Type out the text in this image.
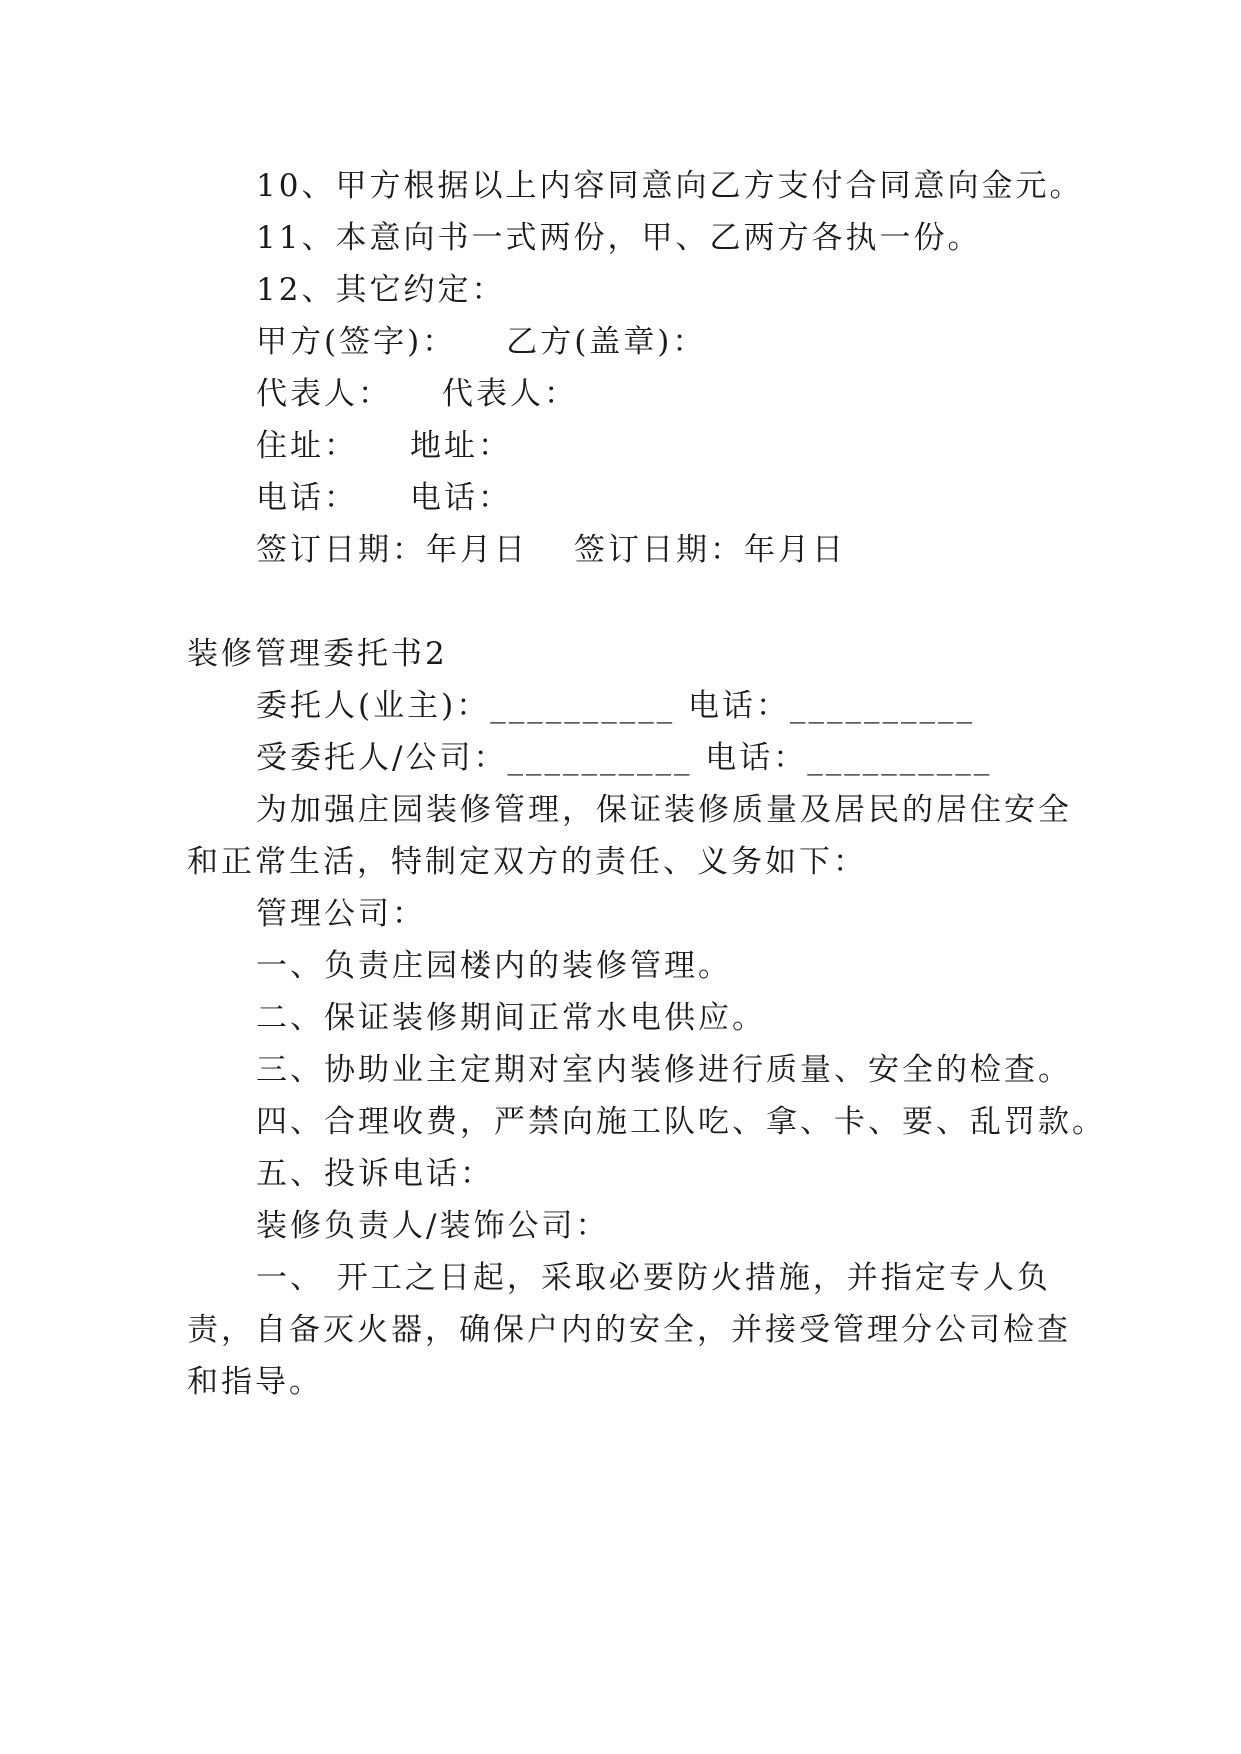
10、甲方根据以上内容同意向乙方支付合同意向金元。
11、本意向书一式两份，甲、乙两方各执一份。
12、其它约定：
甲方(签字)： 乙方(盖章)：
代表人： 代表人：
住址： 地址：
电话： 电话：
签订日期：年月日 签订日期：年月日
装修管理委托书2
委托人(业主)：__________ 电话：__________
受委托人/公司：__________ 电话：__________
为加强庄园装修管理，保证装修质量及居民的居住安全
和正常生活，特制定双方的责任、义务如下：
管理公司：
一、负责庄园楼内的装修管理。
二、保证装修期间正常水电供应。
三、协助业主定期对室内装修进行质量、安全的检查。
四、合理收费，严禁向施工队吃、拿、卡、要、乱罚款。
五、投诉电话：
装修负责人/装饰公司：
一、 开工之日起，采取必要防火措施，并指定专人负
责，自备灭火器，确保户内的安全，并接受管理分公司检查
和指导。
